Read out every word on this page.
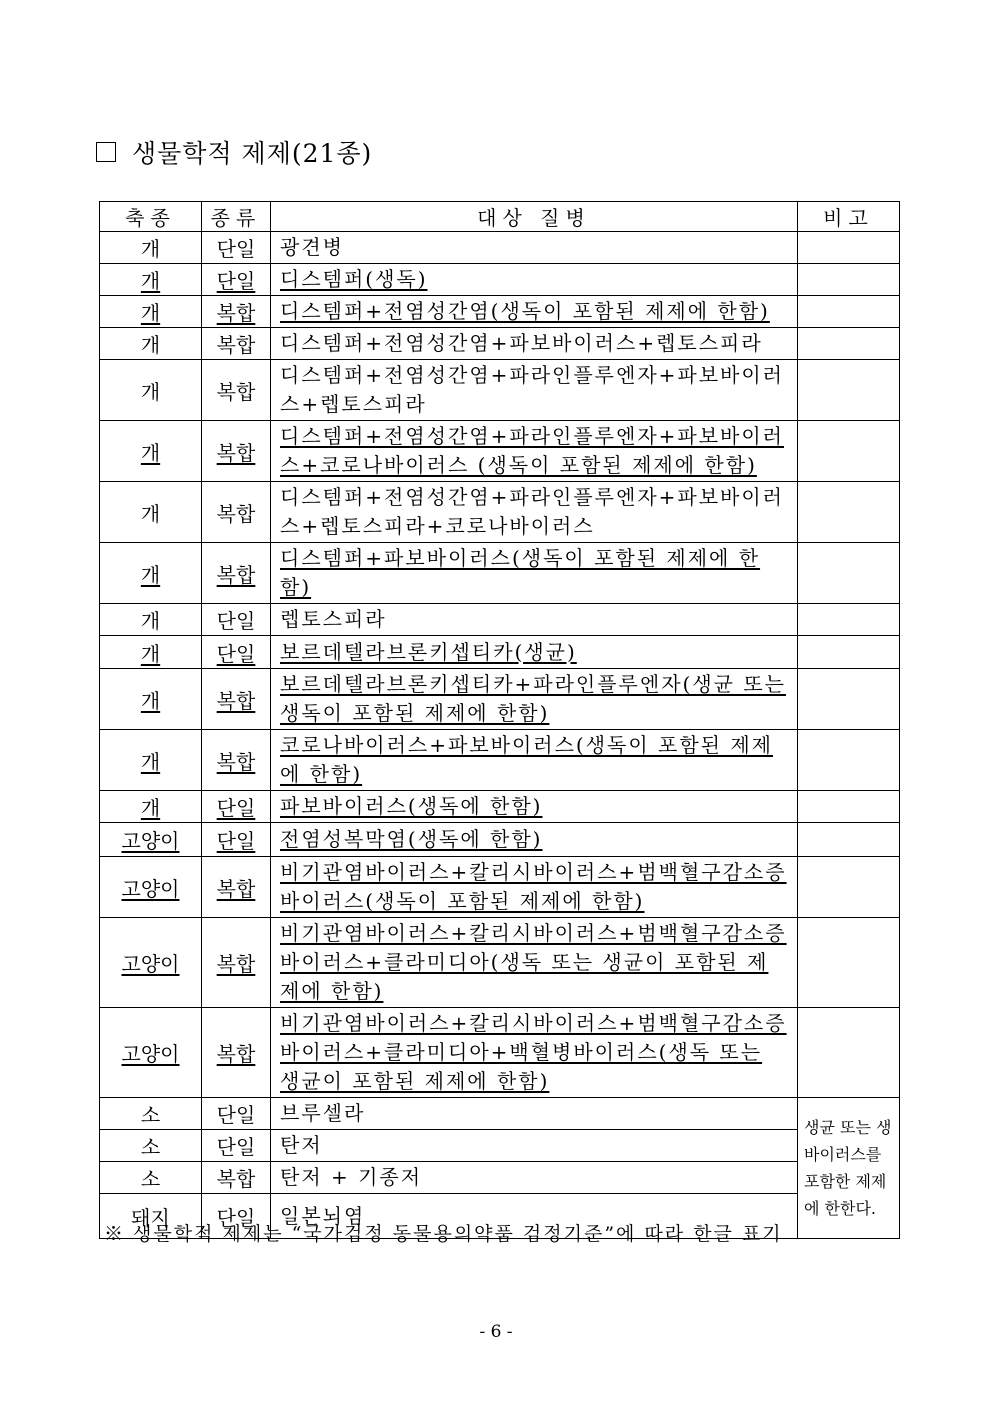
생물학적 제제(21종)
축종	종류	대상 질병	비고
개	단일	광견병	
개	단일	디스템퍼(생독)	
개	복합	디스템퍼+전염성간염(생독이 포함된 제제에 한함)	
개	복합	디스템퍼+전염성간염+파보바이러스+렙토스피라	
개	복합	디스템퍼+전염성간염+파라인플루엔자+파보바이러스+렙토스피라	
개	복합	디스템퍼+전염성간염+파라인플루엔자+파보바이러스+코로나바이러스 (생독이 포함된 제제에 한함)	
개	복합	디스템퍼+전염성간염+파라인플루엔자+파보바이러스+렙토스피라+코로나바이러스	
개	복합	디스템퍼+파보바이러스(생독이 포함된 제제에 한함)	
개	단일	렙토스피라	
개	단일	보르데텔라브론키셉티카(생균)	
개	복합	보르데텔라브론키셉티카+파라인플루엔자(생균 또는 생독이 포함된 제제에 한함)	
개	복합	코로나바이러스+파보바이러스(생독이 포함된 제제에 한함)	
개	단일	파보바이러스(생독에 한함)	
고양이	단일	전염성복막염(생독에 한함)	
고양이	복합	비기관염바이러스+칼리시바이러스+범백혈구감소증바이러스(생독이 포함된 제제에 한함)	
고양이	복합	비기관염바이러스+칼리시바이러스+범백혈구감소증바이러스+클라미디아(생독 또는 생균이 포함된 제제에 한함)	
고양이	복합	비기관염바이러스+칼리시바이러스+범백혈구감소증바이러스+클라미디아+백혈병바이러스(생독 또는 생균이 포함된 제제에 한함)	
소	단일	브루셀라	생균 또는 생바이러스를 포함한 제제에 한한다.
소	단일	탄저	
소	복합	탄저 + 기종저	
돼지	단일	일본뇌염	
※ 생물학적 제제는 “국가검정 동물용의약품 검정기준”에 따라 한글 표기
- 6 -
